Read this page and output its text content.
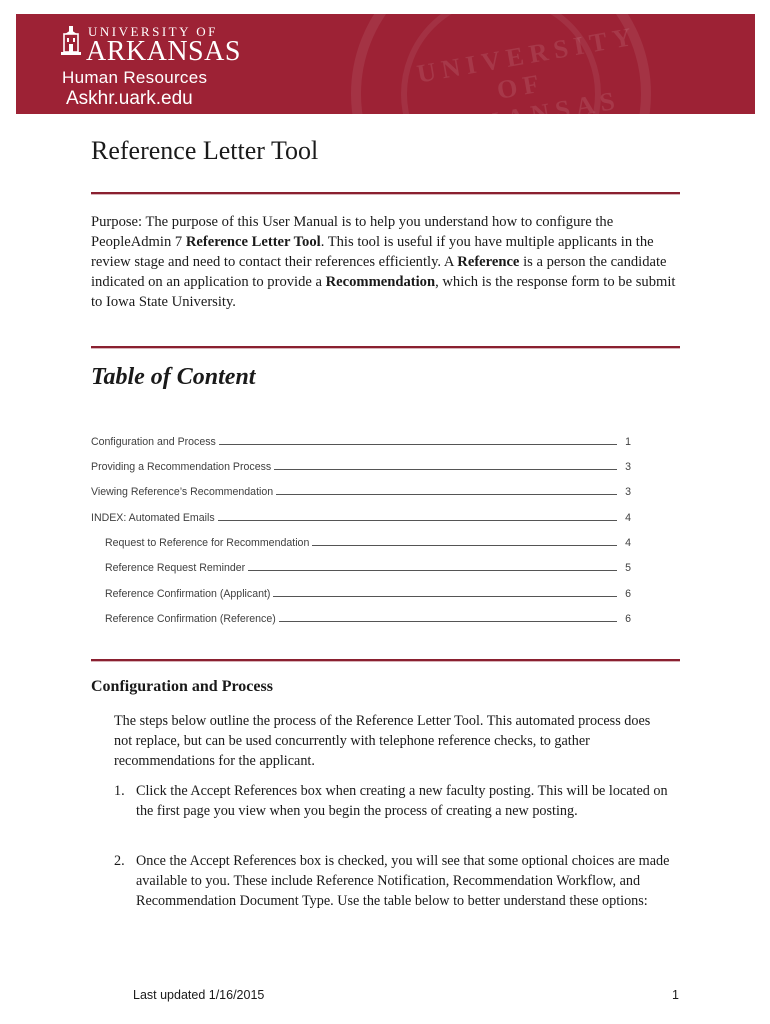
UNIVERSITY OF ARKANSAS
UNIVERSITY OF
ARKANSAS
Human Resources
Askhr.uark.edu
Reference Letter Tool

Purpose: The purpose of this User Manual is to help you understand how to configure the PeopleAdmin 7 Reference Letter Tool. This tool is useful if you have multiple applicants in the review stage and need to contact their references efficiently. A Reference is a person the candidate indicated on an application to provide a Recommendation, which is the response form to be submit to Iowa State University.

Table of Content
Configuration and Process	1
Providing a Recommendation Process	3
Viewing Reference’s Recommendation	3
INDEX: Automated Emails	4
Request to Reference for Recommendation	4
Reference Request Reminder	5
Reference Confirmation (Applicant)	6
Reference Confirmation (Reference)	6
Configuration and Process

The steps below outline the process of the Reference Letter Tool. This automated process does not replace, but can be used concurrently with telephone reference checks, to gather recommendations for the applicant.

1. Click the Accept References box when creating a new faculty posting. This will be located on the first page you view when you begin the process of creating a new posting.
2. Once the Accept References box is checked, you will see that some optional choices are made available to you. These include Reference Notification, Recommendation Workflow, and Recommendation Document Type. Use the table below to better understand these options:
Last updated 1/16/2015	1
